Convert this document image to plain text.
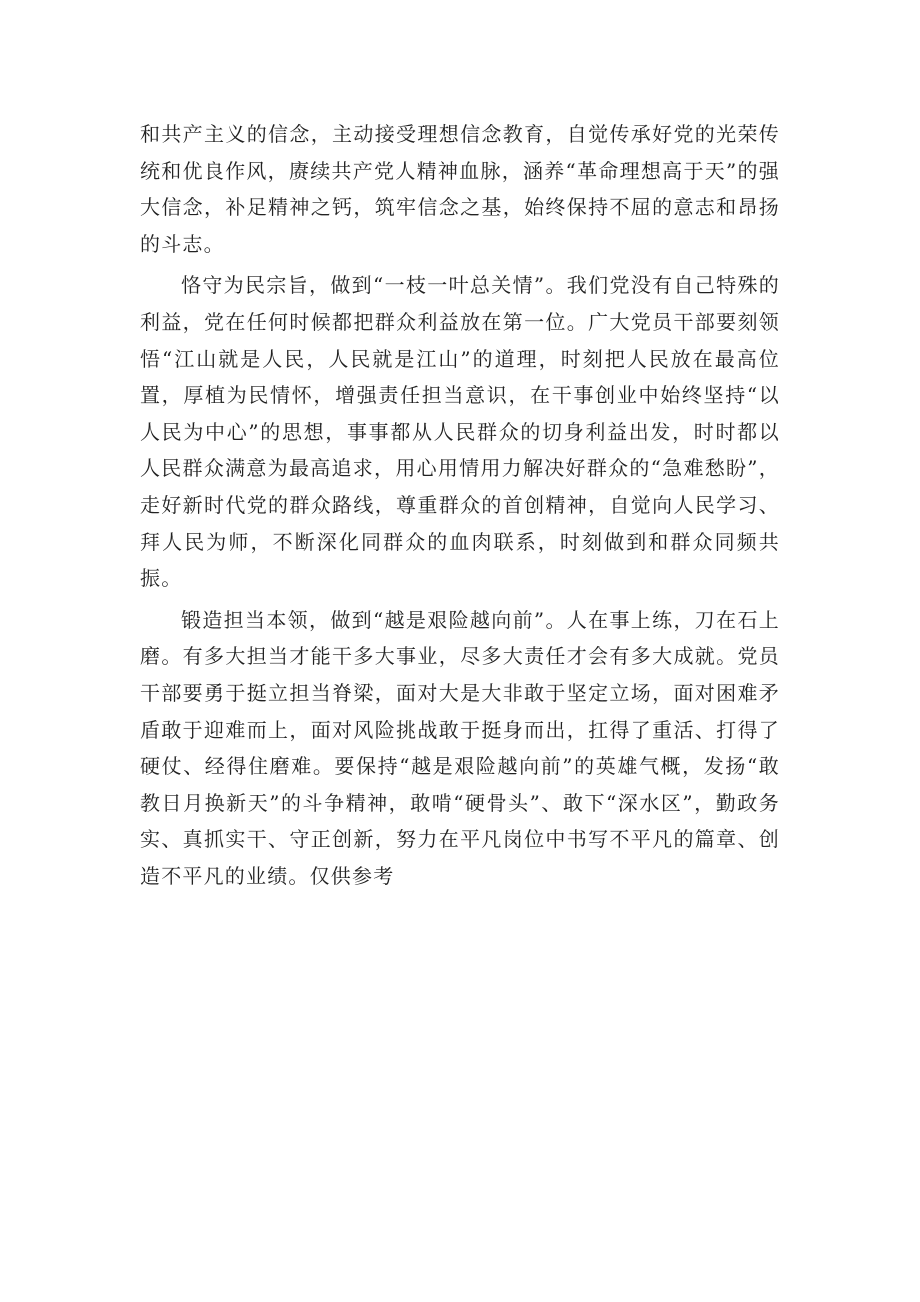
和共产主义的信念，主动接受理想信念教育，自觉传承好党的光荣传统和优良作风，赓续共产党人精神血脉，涵养“革命理想高于天”的强大信念，补足精神之钙，筑牢信念之基，始终保持不屈的意志和昂扬的斗志。

恪守为民宗旨，做到“一枝一叶总关情”。我们党没有自己特殊的利益，党在任何时候都把群众利益放在第一位。广大党员干部要刻领悟“江山就是人民，人民就是江山”的道理，时刻把人民放在最高位置，厚植为民情怀，增强责任担当意识，在干事创业中始终坚持“以人民为中心”的思想，事事都从人民群众的切身利益出发，时时都以人民群众满意为最高追求，用心用情用力解决好群众的“急难愁盼”，走好新时代党的群众路线，尊重群众的首创精神，自觉向人民学习、拜人民为师，不断深化同群众的血肉联系，时刻做到和群众同频共振。

锻造担当本领，做到“越是艰险越向前”。人在事上练，刀在石上磨。有多大担当才能干多大事业，尽多大责任才会有多大成就。党员干部要勇于挺立担当脊梁，面对大是大非敢于坚定立场，面对困难矛盾敢于迎难而上，面对风险挑战敢于挺身而出，扛得了重活、打得了硬仗、经得住磨难。要保持“越是艰险越向前”的英雄气概，发扬“敢教日月换新天”的斗争精神，敢啃“硬骨头”、敢下“深水区”，勤政务实、真抓实干、守正创新，努力在平凡岗位中书写不平凡的篇章、创造不平凡的业绩。仅供参考
